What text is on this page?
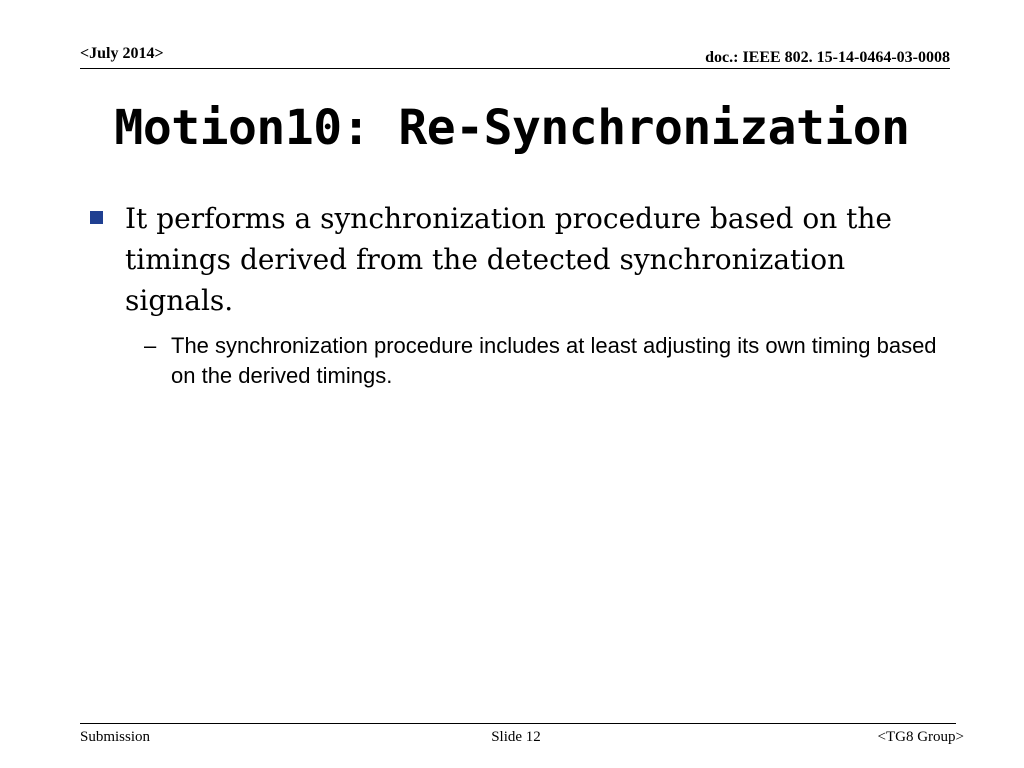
<July 2014>	doc.: IEEE 802. 15-14-0464-03-0008
Motion10: Re-Synchronization
It performs a synchronization procedure based on the timings derived from the detected synchronization signals.
– The synchronization procedure includes at least adjusting its own timing based on the derived timings.
Submission	Slide 12	<TG8 Group>
